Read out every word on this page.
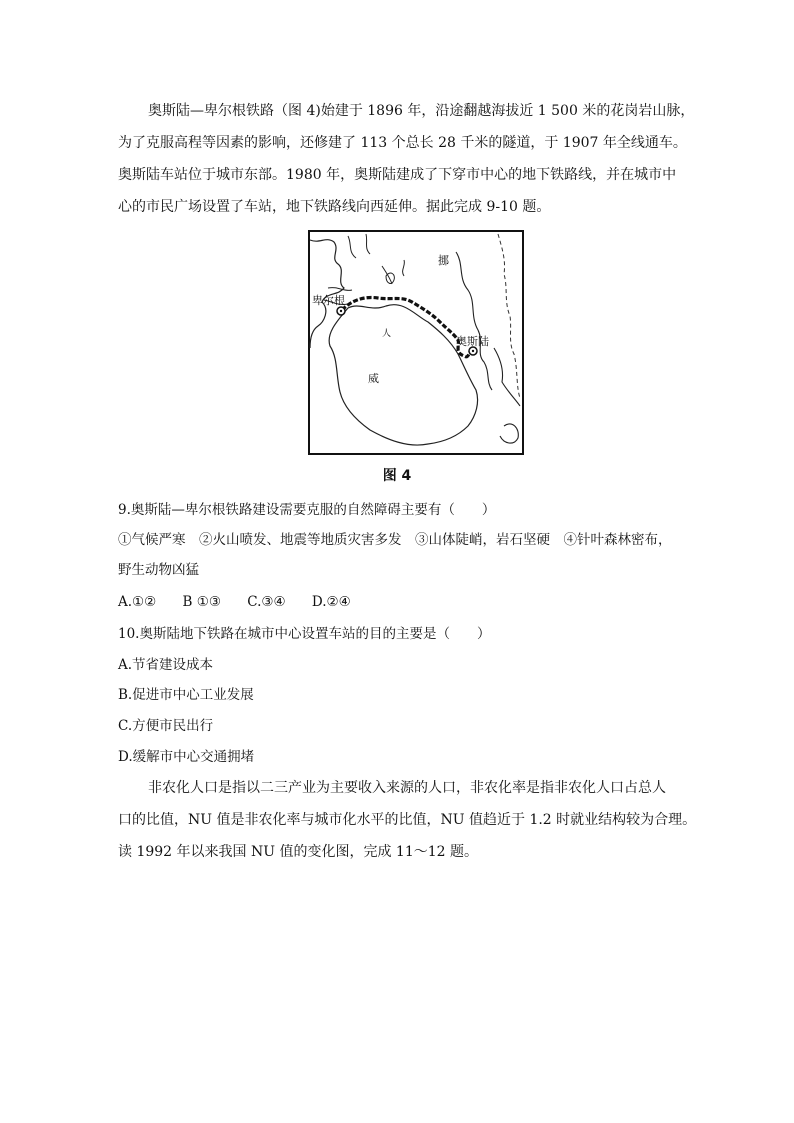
奥斯陆—卑尔根铁路（图 4)始建于 1896 年，沿途翻越海拔近 1 500 米的花岗岩山脉，
为了克服高程等因素的影响，还修建了 113 个总长 28 千米的隧道，于 1907 年全线通车。
奥斯陆车站位于城市东部。1980 年，奥斯陆建成了下穿市中心的地下铁路线，并在城市中
心的市民广场设置了车站，地下铁路线向西延伸。据此完成 9-10 题。
卑尔根
奥斯陆
挪
威
人
图 4
9.奥斯陆—卑尔根铁路建设需要克服的自然障碍主要有（　　）
①气候严寒　②火山喷发、地震等地质灾害多发　③山体陡峭，岩石坚硬　④针叶森林密布，
野生动物凶猛
A.①② B ①③ C.③④ D.②④
10.奥斯陆地下铁路在城市中心设置车站的目的主要是（　　）
A.节省建设成本
B.促进市中心工业发展
C.方便市民出行
D.缓解市中心交通拥堵
非农化人口是指以二三产业为主要收入来源的人口，非农化率是指非农化人口占总人
口的比值，NU 值是非农化率与城市化水平的比值，NU 值趋近于 1.2 时就业结构较为合理。
读 1992 年以来我国 NU 值的变化图，完成 11～12 题。
